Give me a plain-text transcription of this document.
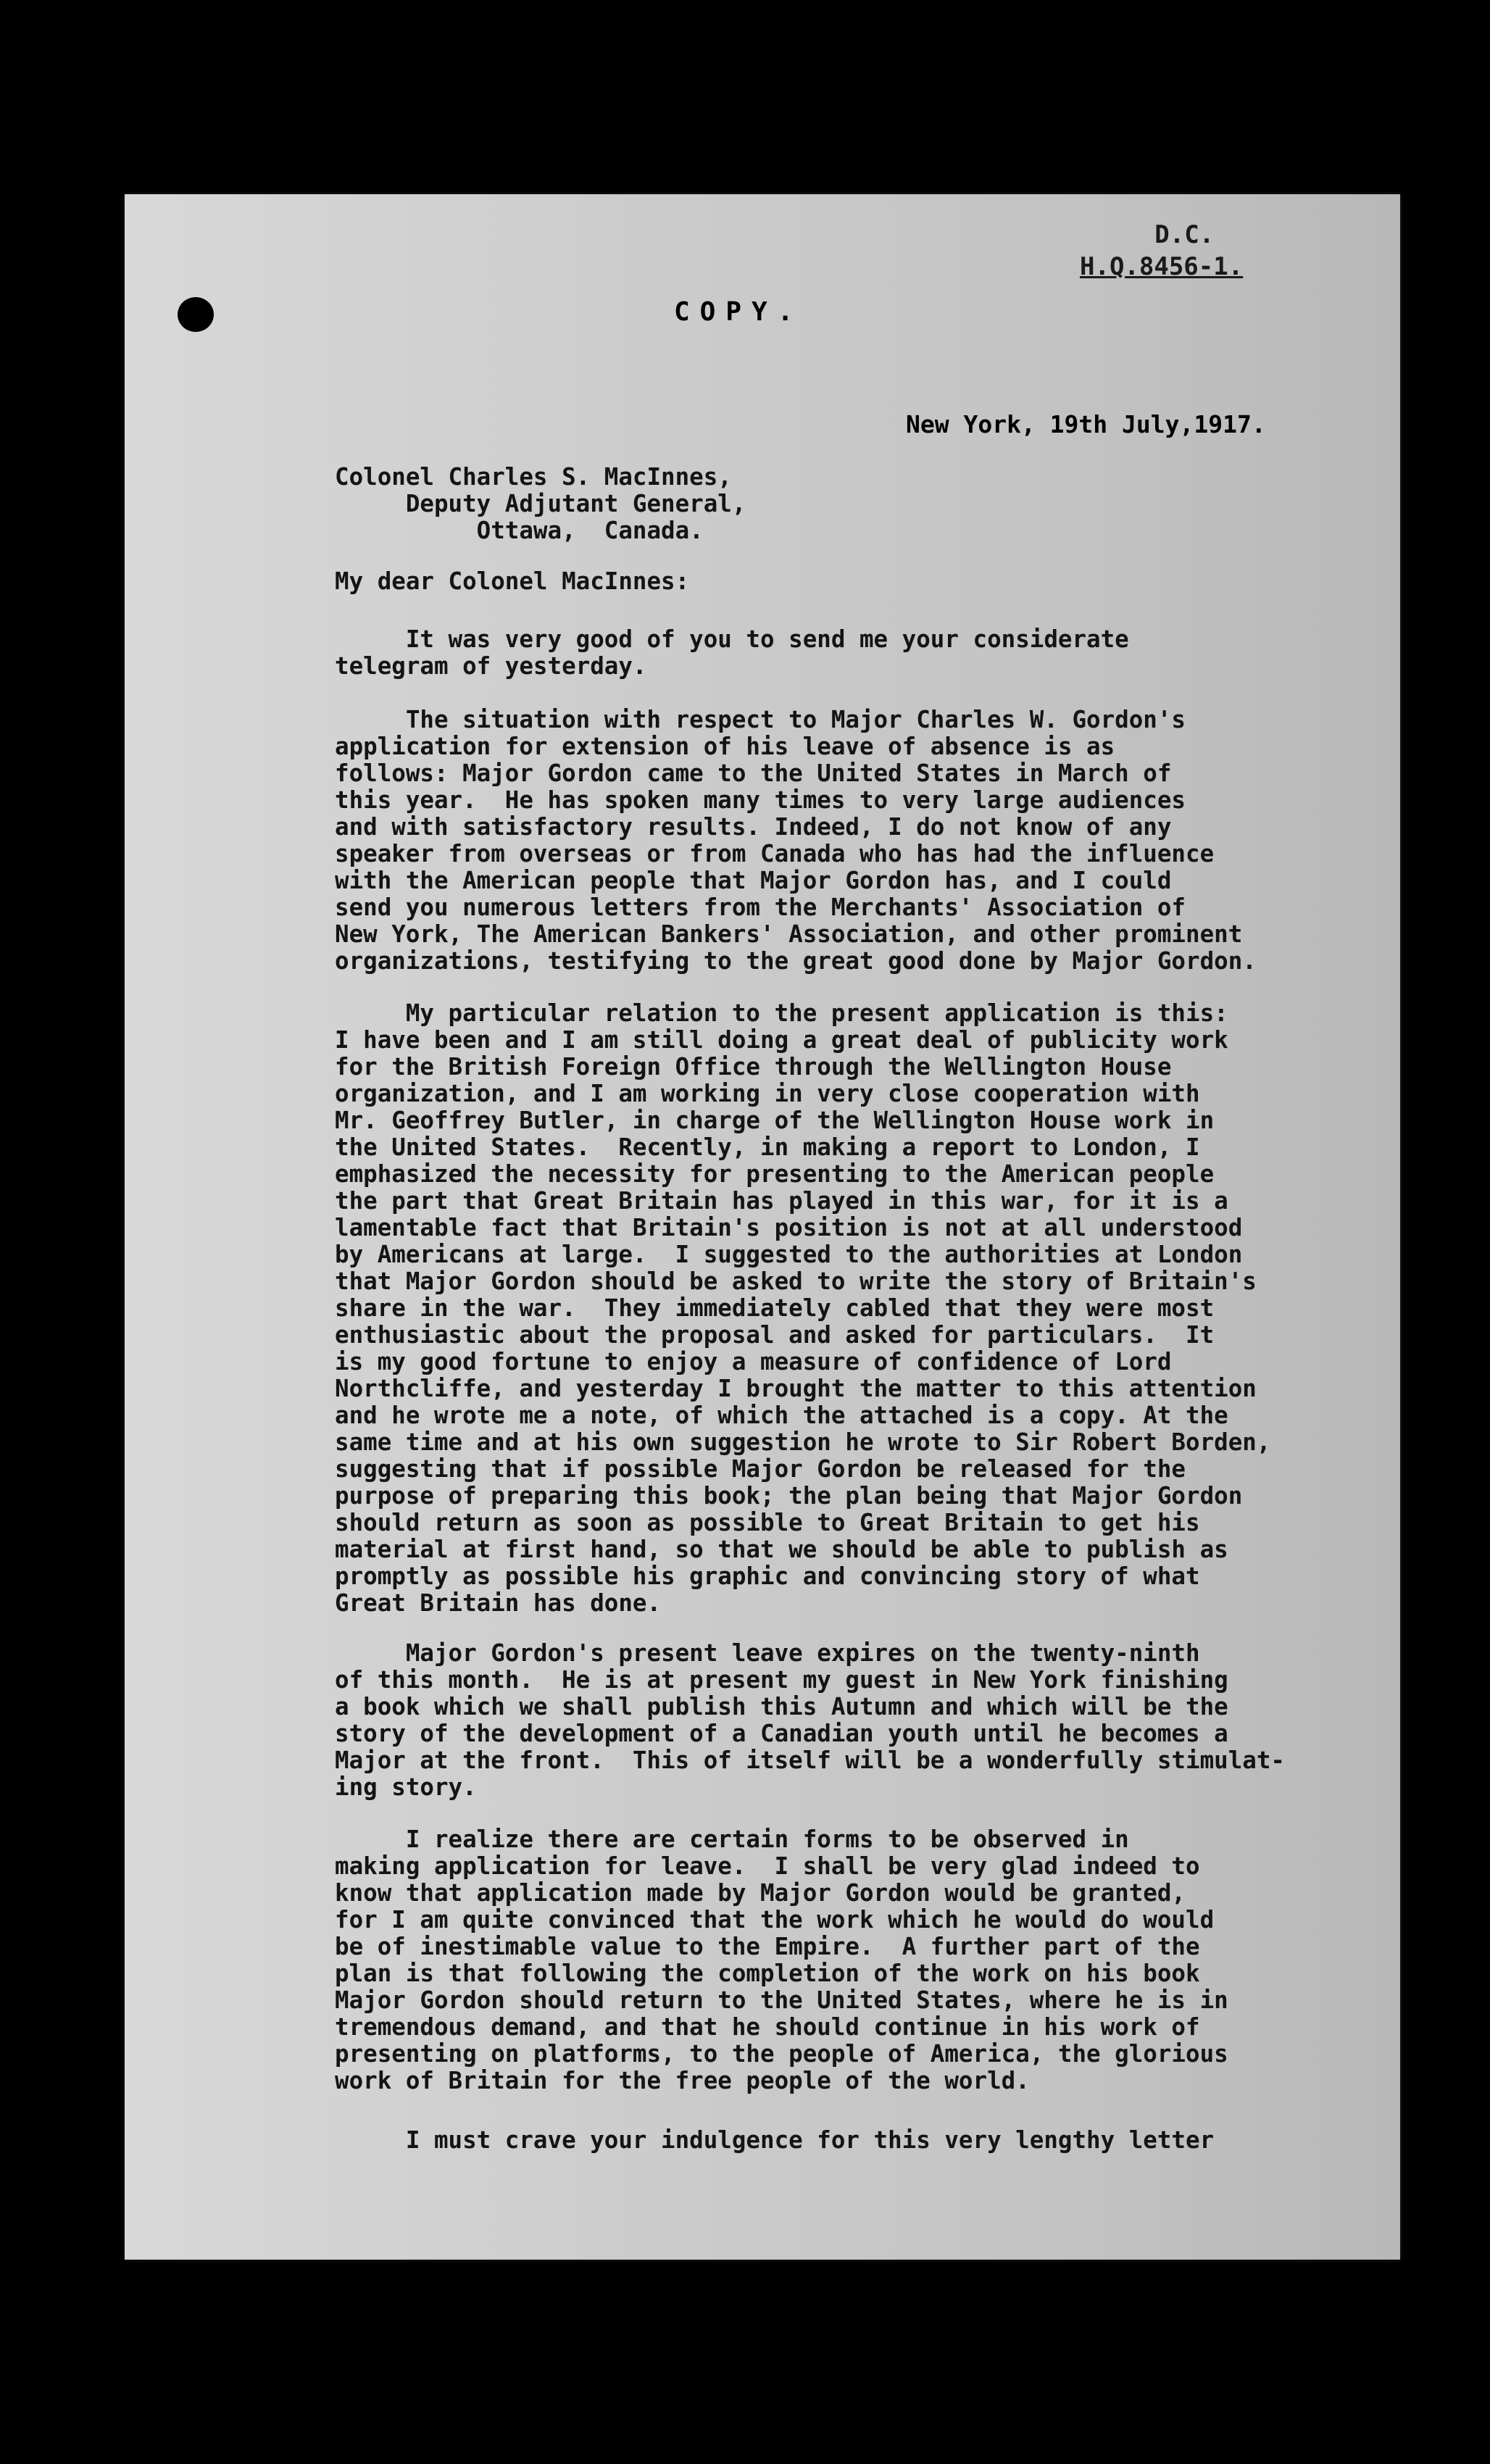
D.C.
H.Q.8456-1.
COPY.
New York, 19th July,1917.
Colonel Charles S. MacInnes,
Deputy Adjutant General,
Ottawa,  Canada.
My dear Colonel MacInnes:
It was very good of you to send me your considerate
telegram of yesterday.
The situation with respect to Major Charles W. Gordon's
application for extension of his leave of absence is as
follows: Major Gordon came to the United States in March of
this year.  He has spoken many times to very large audiences
and with satisfactory results. Indeed, I do not know of any
speaker from overseas or from Canada who has had the influence
with the American people that Major Gordon has, and I could
send you numerous letters from the Merchants' Association of
New York, The American Bankers' Association, and other prominent
organizations, testifying to the great good done by Major Gordon.
My particular relation to the present application is this:
I have been and I am still doing a great deal of publicity work
for the British Foreign Office through the Wellington House
organization, and I am working in very close cooperation with
Mr. Geoffrey Butler, in charge of the Wellington House work in
the United States.  Recently, in making a report to London, I
emphasized the necessity for presenting to the American people
the part that Great Britain has played in this war, for it is a
lamentable fact that Britain's position is not at all understood
by Americans at large.  I suggested to the authorities at London
that Major Gordon should be asked to write the story of Britain's
share in the war.  They immediately cabled that they were most
enthusiastic about the proposal and asked for particulars.  It
is my good fortune to enjoy a measure of confidence of Lord
Northcliffe, and yesterday I brought the matter to this attention
and he wrote me a note, of which the attached is a copy. At the
same time and at his own suggestion he wrote to Sir Robert Borden,
suggesting that if possible Major Gordon be released for the
purpose of preparing this book; the plan being that Major Gordon
should return as soon as possible to Great Britain to get his
material at first hand, so that we should be able to publish as
promptly as possible his graphic and convincing story of what
Great Britain has done.
Major Gordon's present leave expires on the twenty-ninth
of this month.  He is at present my guest in New York finishing
a book which we shall publish this Autumn and which will be the
story of the development of a Canadian youth until he becomes a
Major at the front.  This of itself will be a wonderfully stimulat-
ing story.
I realize there are certain forms to be observed in
making application for leave.  I shall be very glad indeed to
know that application made by Major Gordon would be granted,
for I am quite convinced that the work which he would do would
be of inestimable value to the Empire.  A further part of the
plan is that following the completion of the work on his book
Major Gordon should return to the United States, where he is in
tremendous demand, and that he should continue in his work of
presenting on platforms, to the people of America, the glorious
work of Britain for the free people of the world.
I must crave your indulgence for this very lengthy letter
